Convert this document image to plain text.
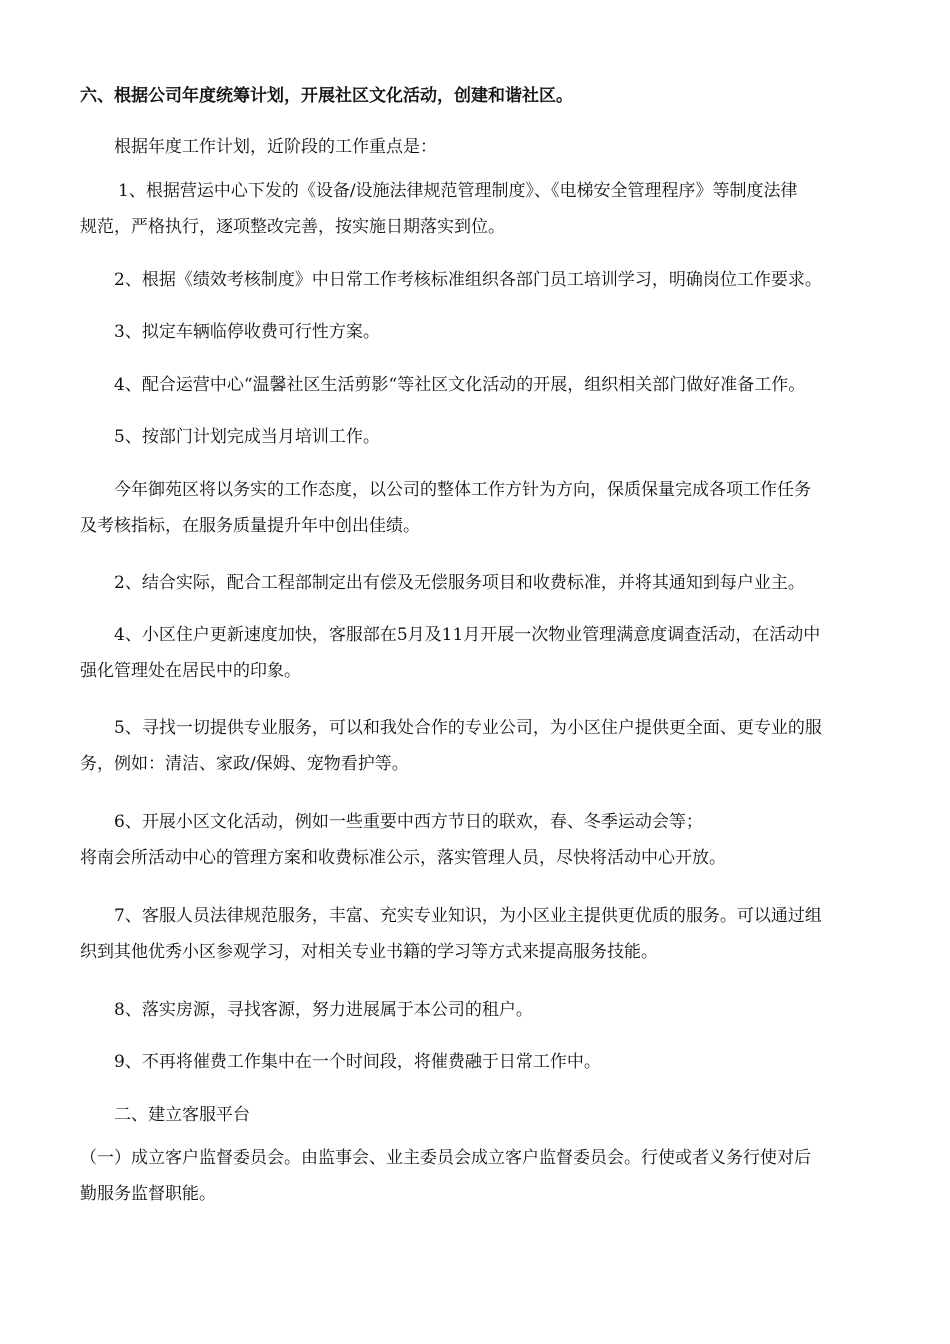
六、根据公司年度统筹计划，开展社区文化活动，创建和谐社区。

根据年度工作计划，近阶段的工作重点是：

1、根据营运中心下发的《设备/设施法律规范管理制度》、《电梯安全管理程序》等制度法律
规范，严格执行，逐项整改完善，按实施日期落实到位。

2、根据《绩效考核制度》中日常工作考核标准组织各部门员工培训学习，明确岗位工作要求。

3、拟定车辆临停收费可行性方案。

4、配合运营中心“温馨社区生活剪影“等社区文化活动的开展，组织相关部门做好准备工作。

5、按部门计划完成当月培训工作。

今年御苑区将以务实的工作态度，以公司的整体工作方针为方向，保质保量完成各项工作任务
及考核指标，在服务质量提升年中创出佳绩。

2、结合实际，配合工程部制定出有偿及无偿服务项目和收费标准，并将其通知到每户业主。

4、小区住户更新速度加快，客服部在5月及11月开展一次物业管理满意度调查活动，在活动中
强化管理处在居民中的印象。

5、寻找一切提供专业服务，可以和我处合作的专业公司，为小区住户提供更全面、更专业的服
务，例如：清洁、家政/保姆、宠物看护等。

6、开展小区文化活动，例如一些重要中西方节日的联欢，春、冬季运动会等；
将南会所活动中心的管理方案和收费标准公示，落实管理人员，尽快将活动中心开放。

7、客服人员法律规范服务，丰富、充实专业知识，为小区业主提供更优质的服务。可以通过组
织到其他优秀小区参观学习，对相关专业书籍的学习等方式来提高服务技能。

8、落实房源，寻找客源，努力进展属于本公司的租户。

9、不再将催费工作集中在一个时间段，将催费融于日常工作中。

二、建立客服平台

（一）成立客户监督委员会。由监事会、业主委员会成立客户监督委员会。行使或者义务行使对后
勤服务监督职能。
